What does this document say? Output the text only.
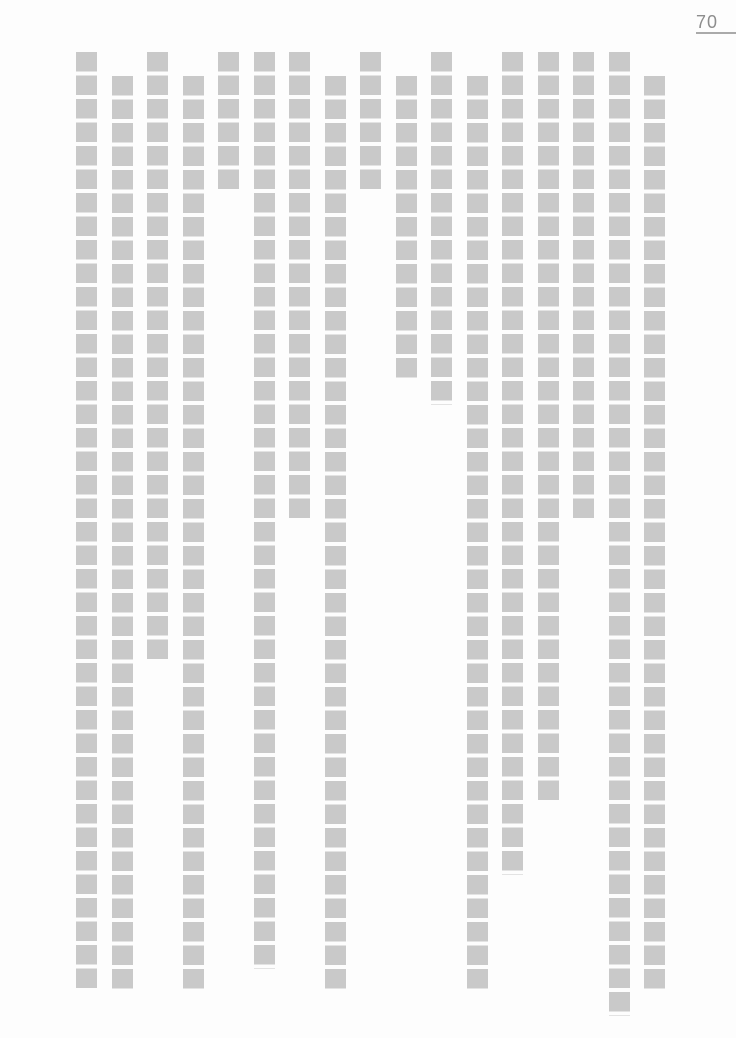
70
